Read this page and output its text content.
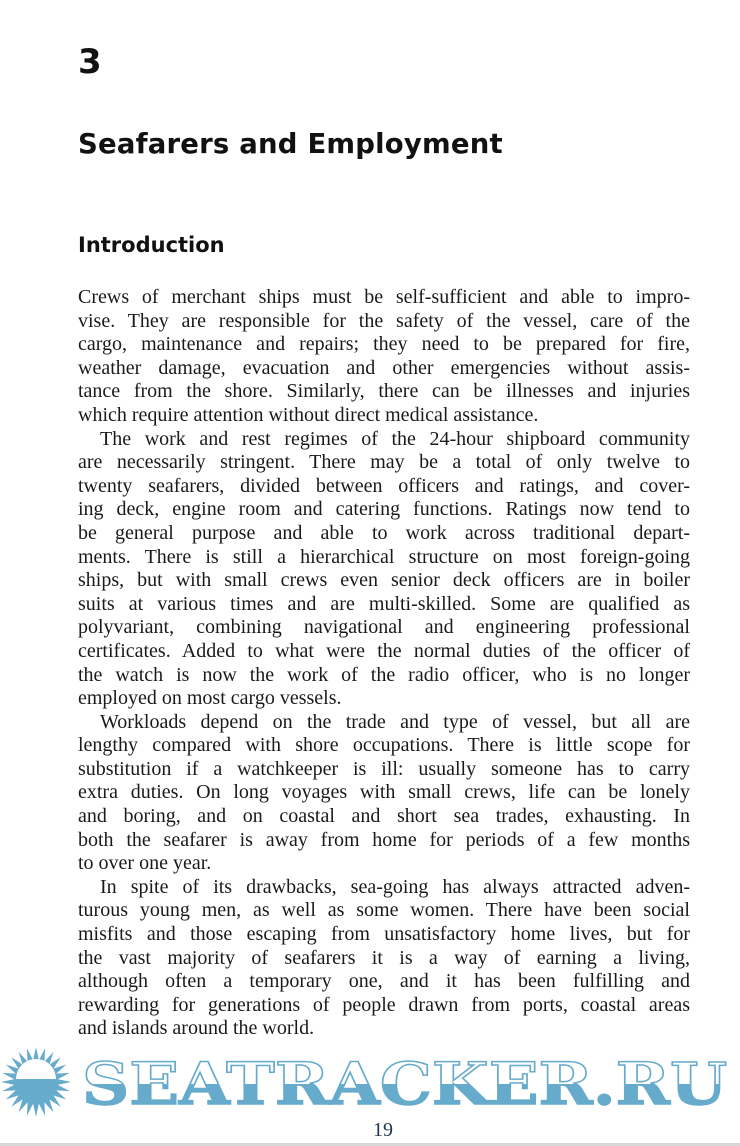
3
Seafarers and Employment
Introduction
Crews of merchant ships must be self-sufficient and able to impro-
vise. They are responsible for the safety of the vessel, care of the
cargo, maintenance and repairs; they need to be prepared for fire,
weather damage, evacuation and other emergencies without assis-
tance from the shore. Similarly, there can be illnesses and injuries
which require attention without direct medical assistance.
The work and rest regimes of the 24-hour shipboard community
are necessarily stringent. There may be a total of only twelve to
twenty seafarers, divided between officers and ratings, and cover-
ing deck, engine room and catering functions. Ratings now tend to
be general purpose and able to work across traditional depart-
ments. There is still a hierarchical structure on most foreign-going
ships, but with small crews even senior deck officers are in boiler
suits at various times and are multi-skilled. Some are qualified as
polyvariant, combining navigational and engineering professional
certificates. Added to what were the normal duties of the officer of
the watch is now the work of the radio officer, who is no longer
employed on most cargo vessels.
Workloads depend on the trade and type of vessel, but all are
lengthy compared with shore occupations. There is little scope for
substitution if a watchkeeper is ill: usually someone has to carry
extra duties. On long voyages with small crews, life can be lonely
and boring, and on coastal and short sea trades, exhausting. In
both the seafarer is away from home for periods of a few months
to over one year.
In spite of its drawbacks, sea-going has always attracted adven-
turous young men, as well as some women. There have been social
misfits and those escaping from unsatisfactory home lives, but for
the vast majority of seafarers it is a way of earning a living,
although often a temporary one, and it has been fulfilling and
rewarding for generations of people drawn from ports, coastal areas
and islands around the world.
SEATRACKER.RU
19
